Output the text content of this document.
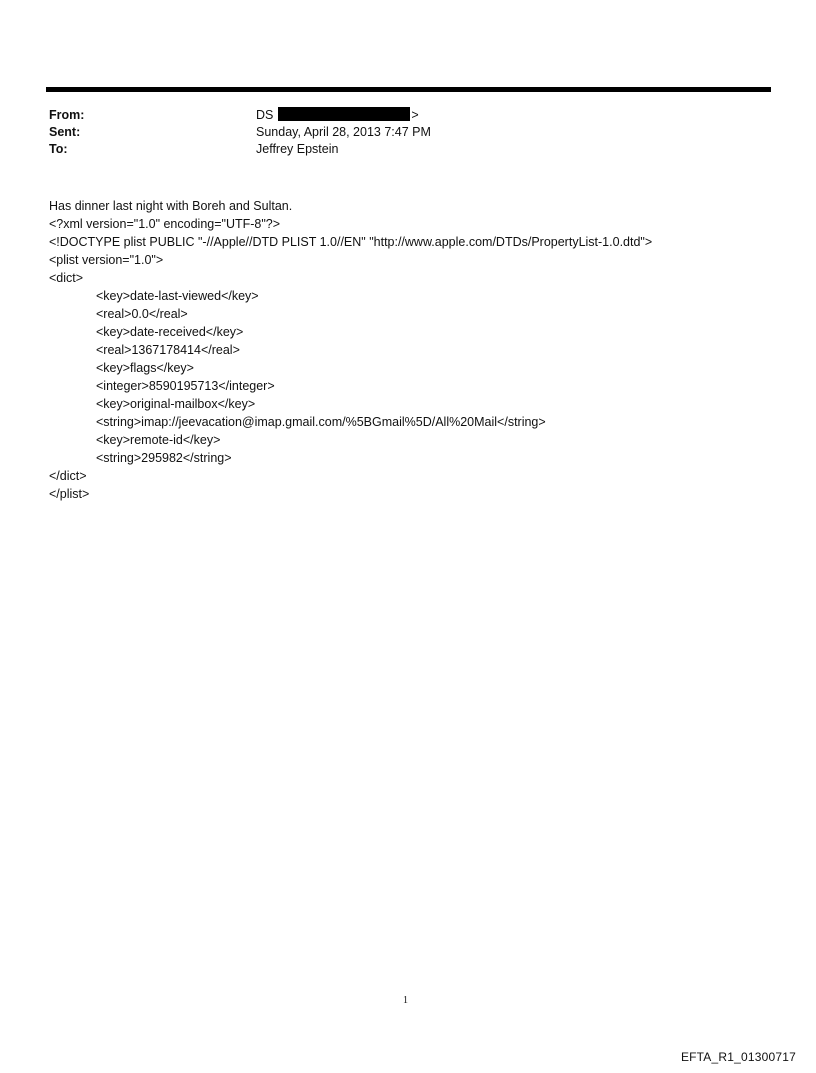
From:	DS	>
Sent:	Sunday, April 28, 2013 7:47 PM
To:	Jeffrey Epstein
Has dinner last night with Boreh and Sultan.
<?xml version="1.0" encoding="UTF-8"?>
<!DOCTYPE plist PUBLIC "-//Apple//DTD PLIST 1.0//EN" "http://www.apple.com/DTDs/PropertyList-1.0.dtd">
<plist version="1.0">
<dict>
<key>date-last-viewed</key>
<real>0.0</real>
<key>date-received</key>
<real>1367178414</real>
<key>flags</key>
<integer>8590195713</integer>
<key>original-mailbox</key>
<string>imap://jeevacation@imap.gmail.com/%5BGmail%5D/All%20Mail</string>
<key>remote-id</key>
<string>295982</string>
</dict>
</plist>
1
EFTA_R1_01300717
